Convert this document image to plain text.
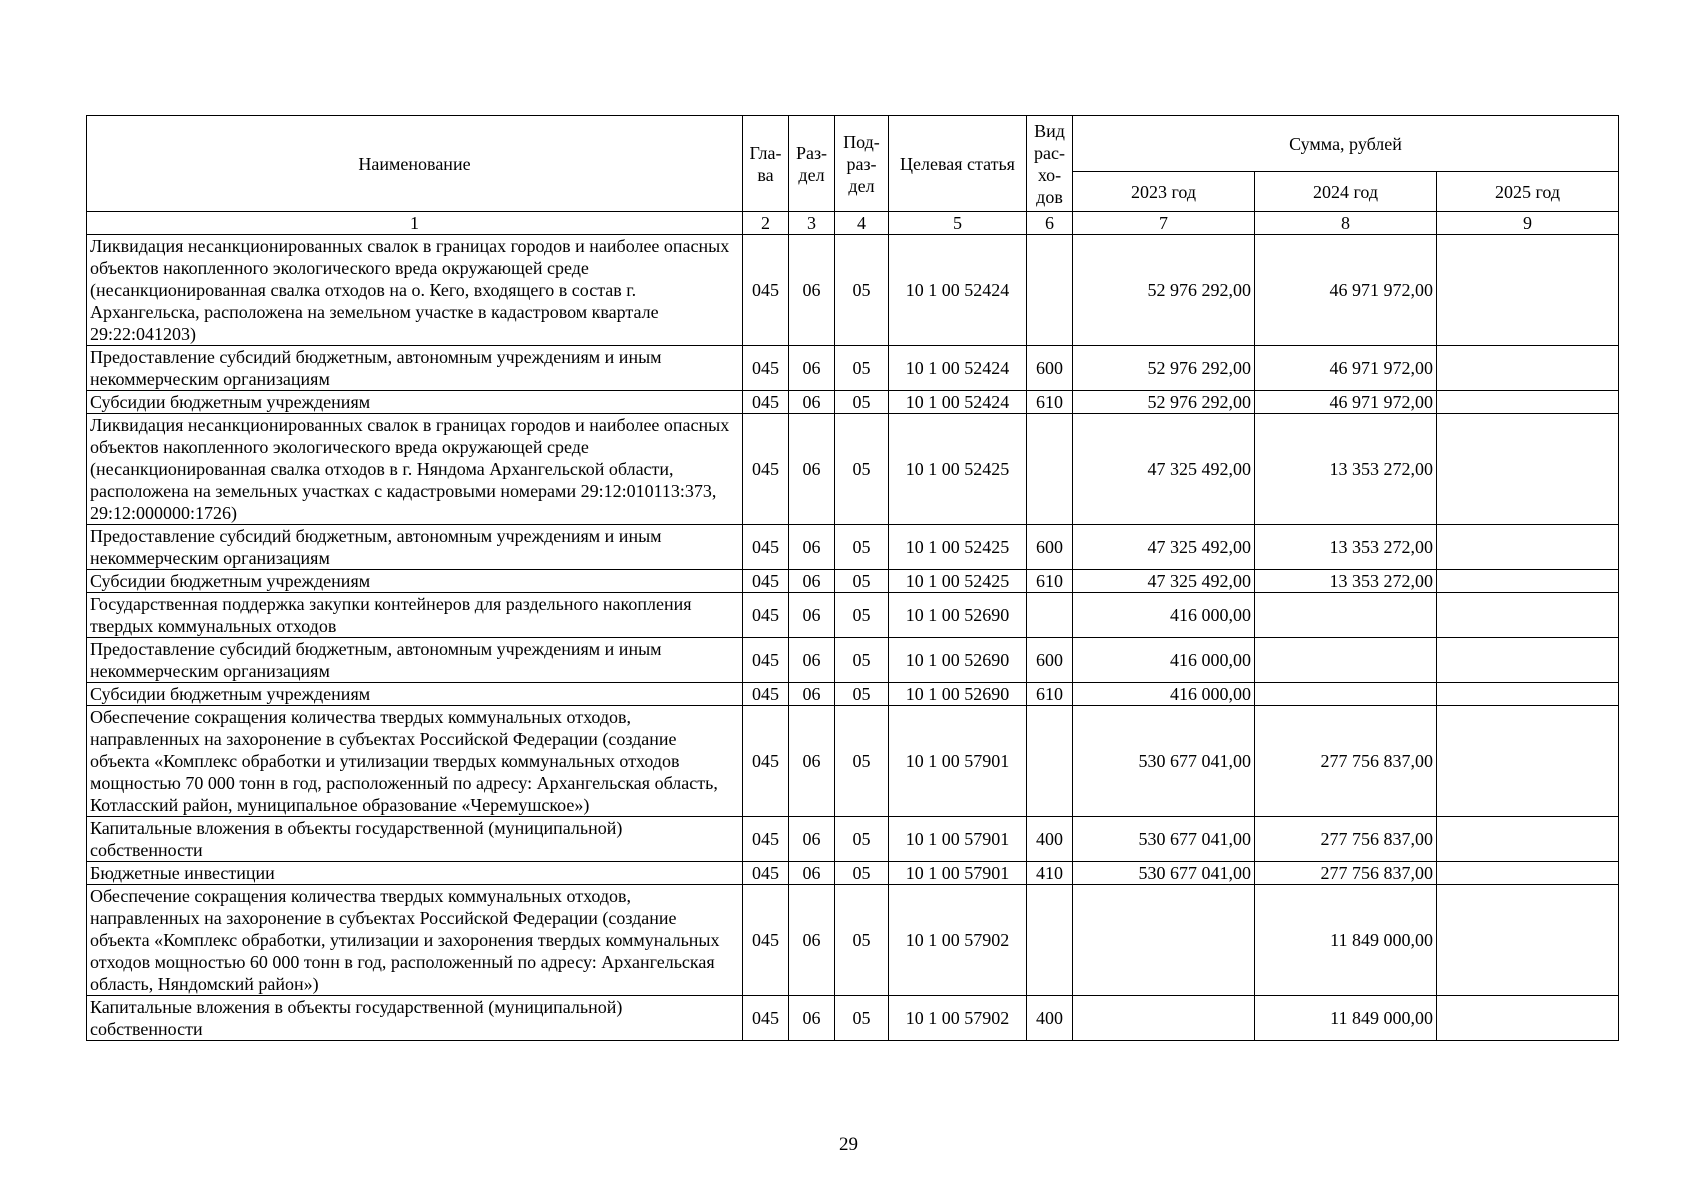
Наименование	Гла-ва	Раз-дел	Под-раз-дел	Целевая статья	Вид рас-хо-дов	Сумма, рублей		
						2023 год	2024 год	2025 год
1	2	3	4	5	6	7	8	9
Ликвидация несанкционированных свалок в границах городов и наиболее опасных объектов накопленного экологического вреда окружающей среде (несанкционированная свалка отходов на о. Кего, входящего в состав г. Архангельска, расположена на земельном участке в кадастровом квартале 29:22:041203)	045	06	05	10 1 00 52424		52 976 292,00	46 971 972,00	
Предоставление субсидий бюджетным, автономным учреждениям и иным некоммерческим организациям	045	06	05	10 1 00 52424	600	52 976 292,00	46 971 972,00	
Субсидии бюджетным учреждениям	045	06	05	10 1 00 52424	610	52 976 292,00	46 971 972,00	
Ликвидация несанкционированных свалок в границах городов и наиболее опасных объектов накопленного экологического вреда окружающей среде (несанкционированная свалка отходов в г. Няндома Архангельской области, расположена на земельных участках с кадастровыми номерами 29:12:010113:373, 29:12:000000:1726)	045	06	05	10 1 00 52425		47 325 492,00	13 353 272,00	
Предоставление субсидий бюджетным, автономным учреждениям и иным некоммерческим организациям	045	06	05	10 1 00 52425	600	47 325 492,00	13 353 272,00	
Субсидии бюджетным учреждениям	045	06	05	10 1 00 52425	610	47 325 492,00	13 353 272,00	
Государственная поддержка закупки контейнеров для раздельного накопления твердых коммунальных отходов	045	06	05	10 1 00 52690		416 000,00		
Предоставление субсидий бюджетным, автономным учреждениям и иным некоммерческим организациям	045	06	05	10 1 00 52690	600	416 000,00		
Субсидии бюджетным учреждениям	045	06	05	10 1 00 52690	610	416 000,00		
Обеспечение сокращения количества твердых коммунальных отходов, направленных на захоронение в субъектах Российской Федерации (создание объекта «Комплекс обработки и утилизации твердых коммунальных отходов мощностью 70 000 тонн в год, расположенный по адресу: Архангельская область, Котласский район, муниципальное образование «Черемушское»)	045	06	05	10 1 00 57901		530 677 041,00	277 756 837,00	
Капитальные вложения в объекты государственной (муниципальной) собственности	045	06	05	10 1 00 57901	400	530 677 041,00	277 756 837,00	
Бюджетные инвестиции	045	06	05	10 1 00 57901	410	530 677 041,00	277 756 837,00	
Обеспечение сокращения количества твердых коммунальных отходов, направленных на захоронение в субъектах Российской Федерации (создание объекта «Комплекс обработки, утилизации и захоронения твердых коммунальных отходов мощностью 60 000 тонн в год, расположенный по адресу: Архангельская область, Няндомский район»)	045	06	05	10 1 00 57902			11 849 000,00	
Капитальные вложения в объекты государственной (муниципальной) собственности	045	06	05	10 1 00 57902	400		11 849 000,00	
29
